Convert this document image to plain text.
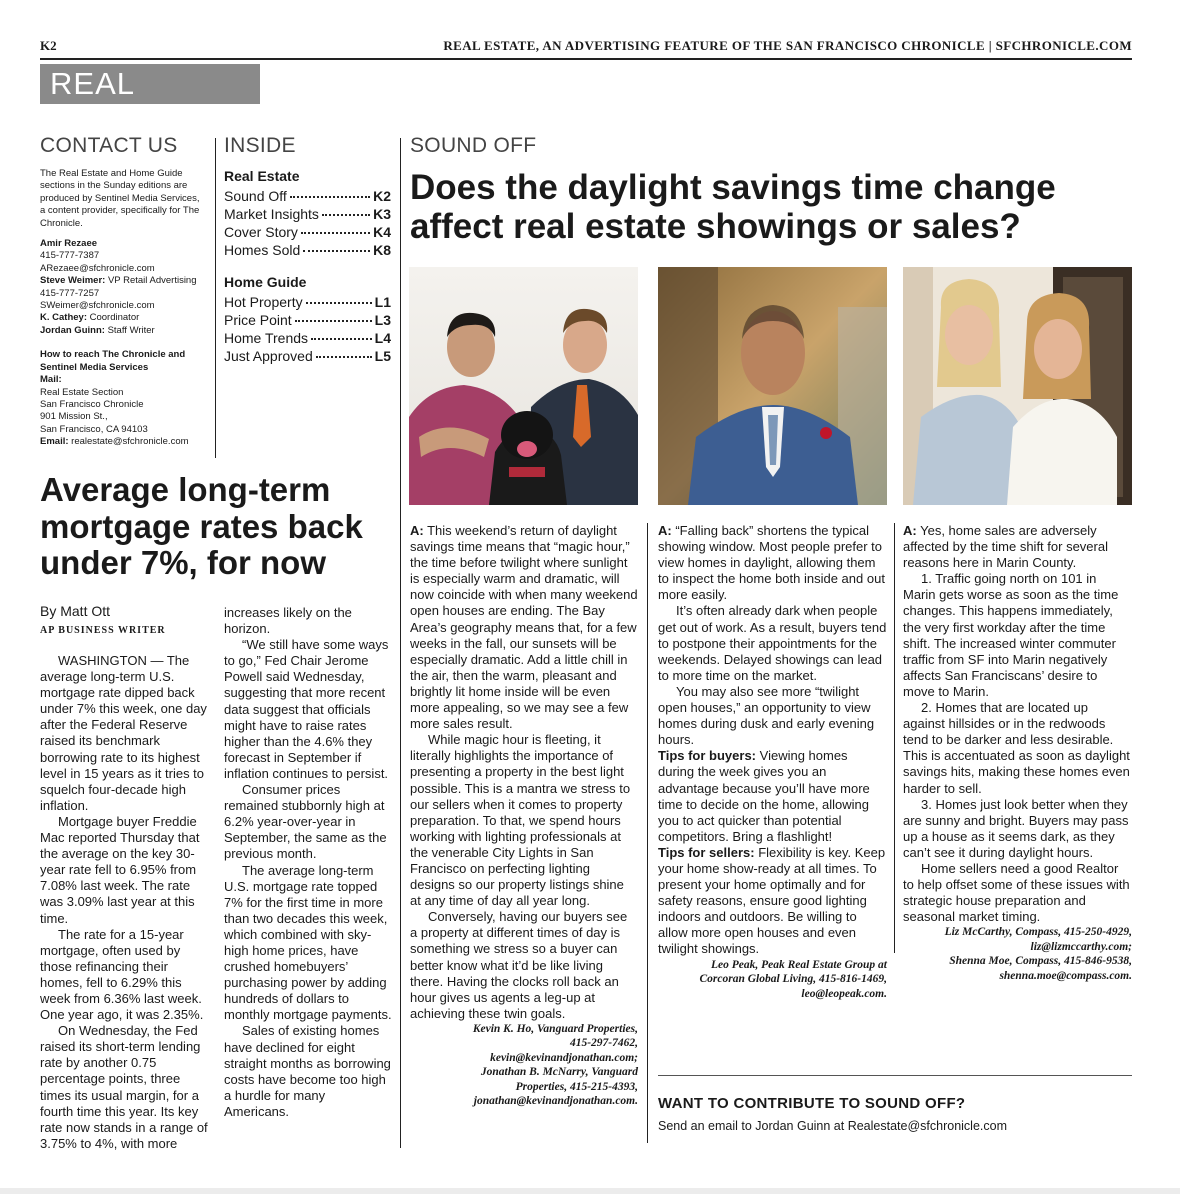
K2	REAL ESTATE, AN ADVERTISING FEATURE OF THE SAN FRANCISCO CHRONICLE | SFCHRONICLE.COM
REAL ESTATE
CONTACT US

The Real Estate and Home Guide sections in the Sunday editions are produced by Sentinel Media Services, a content provider, specifically for The Chronicle.

Amir Rezaee

415-777-7387

ARezaee@sfchronicle.com

Steve Weimer: VP Retail Advertising

415-777-7257

SWeimer@sfchronicle.com

K. Cathey: Coordinator

Jordan Guinn: Staff Writer

How to reach The Chronicle and Sentinel Media Services

Mail:

Real Estate Section

San Francisco Chronicle

901 Mission St.,

San Francisco, CA 94103

Email: realestate@sfchronicle.com

INSIDE
Real Estate
Sound Off	K2
Market Insights	K3
Cover Story	K4
Homes Sold	K8
Home Guide
Hot Property	L1
Price Point	L3
Home Trends	L4
Just Approved	L5
Average long-term mortgage rates back under 7%, for now
By Matt Ott
AP BUSINESS WRITER

WASHINGTON — The average long-term U.S. mortgage rate dipped back under 7% this week, one day after the Federal Reserve raised its benchmark borrowing rate to its highest level in 15 years as it tries to squelch four-decade high inflation.

Mortgage buyer Freddie Mac reported Thursday that the average on the key 30-year rate fell to 6.95% from 7.08% last week. The rate was 3.09% last year at this time.

The rate for a 15-year mortgage, often used by those refinancing their homes, fell to 6.29% this week from 6.36% last week. One year ago, it was 2.35%.

On Wednesday, the Fed raised its short-term lending rate by another 0.75 percentage points, three times its usual margin, for a fourth time this year. Its key rate now stands in a range of 3.75% to 4%, with more

increases likely on the horizon.

“We still have some ways to go,” Fed Chair Jerome Powell said Wednesday, suggesting that more recent data suggest that officials might have to raise rates higher than the 4.6% they forecast in September if inflation continues to persist.

Consumer prices remained stubbornly high at 6.2% year-over-year in September, the same as the previous month.

The average long-term U.S. mortgage rate topped 7% for the first time in more than two decades this week, which combined with sky-high home prices, have crushed homebuyers’ purchasing power by adding hundreds of dollars to monthly mortgage payments.

Sales of existing homes have declined for eight straight months as borrowing costs have become too high a hurdle for many Americans.

SOUND OFF
Does the daylight savings time change affect real estate showings or sales?

A: This weekend’s return of daylight savings time means that “magic hour,” the time before twilight where sunlight is especially warm and dramatic, will now coincide with when many weekend open houses are ending. The Bay Area’s geography means that, for a few weeks in the fall, our sunsets will be especially dramatic. Add a little chill in the air, then the warm, pleasant and brightly lit home inside will be even more appealing, so we may see a few more sales result.

While magic hour is fleeting, it literally highlights the importance of presenting a property in the best light possible. This is a mantra we stress to our sellers when it comes to property preparation. To that, we spend hours working with lighting professionals at the venerable City Lights in San Francisco on perfecting lighting designs so our property listings shine at any time of day all year long.

Conversely, having our buyers see a property at different times of day is something we stress so a buyer can better know what it’d be like living there. Having the clocks roll back an hour gives us agents a leg-up at achieving these twin goals.

Kevin K. Ho, Vanguard Properties,
415-297-7462,
kevin@kevinandjonathan.com;
Jonathan B. McNarry, Vanguard
Properties, 415-215-4393,
jonathan@kevinandjonathan.com.

A: “Falling back” shortens the typical showing window. Most people prefer to view homes in daylight, allowing them to inspect the home both inside and out more easily.

It’s often already dark when people get out of work. As a result, buyers tend to postpone their appointments for the weekends. Delayed showings can lead to more time on the market.

You may also see more “twilight open houses,” an opportunity to view homes during dusk and early evening hours.

Tips for buyers: Viewing homes during the week gives you an advantage because you’ll have more time to decide on the home, allowing you to act quicker than potential competitors. Bring a flashlight!

Tips for sellers: Flexibility is key. Keep your home show-ready at all times. To present your home optimally and for safety reasons, ensure good lighting indoors and outdoors. Be willing to allow more open houses and even twilight showings.

Leo Peak, Peak Real Estate Group at
Corcoran Global Living, 415-816-1469,
leo@leopeak.com.

A: Yes, home sales are adversely affected by the time shift for several reasons here in Marin County.

1. Traffic going north on 101 in Marin gets worse as soon as the time changes. This happens immediately, the very first workday after the time shift. The increased winter commuter traffic from SF into Marin negatively affects San Franciscans’ desire to move to Marin.

2. Homes that are located up against hillsides or in the redwoods tend to be darker and less desirable. This is accentuated as soon as daylight savings hits, making these homes even harder to sell.

3. Homes just look better when they are sunny and bright. Buyers may pass up a house as it seems dark, as they can’t see it during daylight hours.

Home sellers need a good Realtor to help offset some of these issues with strategic house preparation and seasonal market timing.

Liz McCarthy, Compass, 415-250-4929,
liz@lizmccarthy.com;
Shenna Moe, Compass, 415-846-9538,
shenna.moe@compass.com.
WANT TO CONTRIBUTE TO SOUND OFF?
Send an email to Jordan Guinn at Realestate@sfchronicle.com
